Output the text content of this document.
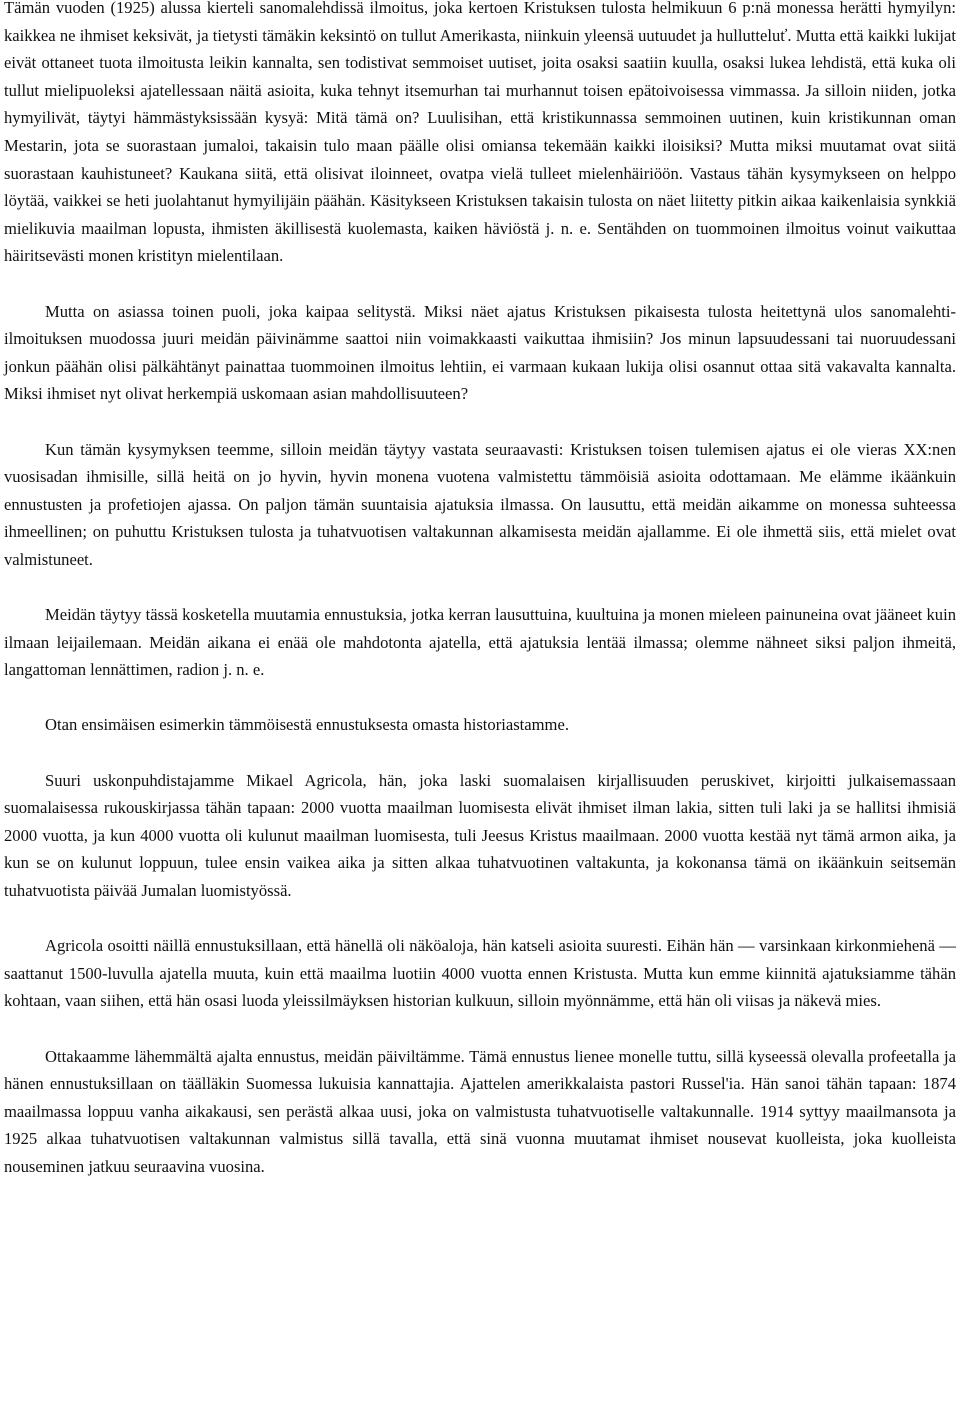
Tämän vuoden (1925) alussa kierteli sanomalehdissä ilmoitus, joka kertoen Kristuksen tulosta helmikuun 6 p:nä monessa herätti hymyilyn: kaikkea ne ihmiset keksivät, ja tietysti tämäkin keksintö on tullut Amerikasta, niinkuin yleensä uutuudet ja hullutteluť. Mutta että kaikki lukijat eivät ottaneet tuota ilmoitusta leikin kannalta, sen todistivat semmoiset uutiset, joita osaksi saatiin kuulla, osaksi lukea lehdistä, että kuka oli tullut mielipuoleksi ajatellessaan näitä asioita, kuka tehnyt itsemurhan tai murhannut toisen epätoivoisessa vimmassa. Ja silloin niiden, jotka hymyilivät, täytyi hämmästyksissään kysyä: Mitä tämä on? Luulisihan, että kristikunnassa semmoinen uutinen, kuin kristikunnan oman Mestarin, jota se suorastaan jumaloi, takaisin tulo maan päälle olisi omiansa tekemään kaikki iloisiksi? Mutta miksi muutamat ovat siitä suorastaan kauhistuneet? Kaukana siitä, että olisivat iloinneet, ovatpa vielä tulleet mielenhäiriöön. Vastaus tähän kysymykseen on helppo löytää, vaikkei se heti juolahtanut hymyilijäin päähän. Käsitykseen Kristuksen takaisin tulosta on näet liitetty pitkin aikaa kaikenlaisia synkkiä mielikuvia maailman lopusta, ihmisten äkillisestä kuolemasta, kaiken häviöstä j. n. e. Sentähden on tuommoinen ilmoitus voinut vaikuttaa häiritsevästi monen kristityn mielentilaan.

Mutta on asiassa toinen puoli, joka kaipaa selitystä. Miksi näet ajatus Kristuksen pikaisesta tulosta heitettynä ulos sanomalehti-ilmoituksen muodossa juuri meidän päivinämme saattoi niin voimakkaasti vaikuttaa ihmisiin? Jos minun lapsuudessani tai nuoruudessani jonkun päähän olisi pälkähtänyt painattaa tuommoinen ilmoitus lehtiin, ei varmaan kukaan lukija olisi osannut ottaa sitä vakavalta kannalta. Miksi ihmiset nyt olivat herkempiä uskomaan asian mahdollisuuteen?

Kun tämän kysymyksen teemme, silloin meidän täytyy vastata seuraavasti: Kristuksen toisen tulemisen ajatus ei ole vieras XX:nen vuosisadan ihmisille, sillä heitä on jo hyvin, hyvin monena vuotena valmistettu tämmöisiä asioita odottamaan. Me elämme ikäänkuin ennustusten ja profetiojen ajassa. On paljon tämän suuntaisia ajatuksia ilmassa. On lausuttu, että meidän aikamme on monessa suhteessa ihmeellinen; on puhuttu Kristuksen tulosta ja tuhatvuotisen valtakunnan alkamisesta meidän ajallamme. Ei ole ihmettä siis, että mielet ovat valmistuneet.

Meidän täytyy tässä kosketella muutamia ennustuksia, jotka kerran lausuttuina, kuultuina ja monen mieleen painuneina ovat jääneet kuin ilmaan leijailemaan. Meidän aikana ei enää ole mahdotonta ajatella, että ajatuksia lentää ilmassa; olemme nähneet siksi paljon ihmeitä, langattoman lennättimen, radion j. n. e.

Otan ensimäisen esimerkin tämmöisestä ennustuksesta omasta historiastamme.

Suuri uskonpuhdistajamme Mikael Agricola, hän, joka laski suomalaisen kirjallisuuden peruskivet, kirjoitti julkaisemassaan suomalaisessa rukouskirjassa tähän tapaan: 2000 vuotta maailman luomisesta elivät ihmiset ilman lakia, sitten tuli laki ja se hallitsi ihmisiä 2000 vuotta, ja kun 4000 vuotta oli kulunut maailman luomisesta, tuli Jeesus Kristus maailmaan. 2000 vuotta kestää nyt tämä armon aika, ja kun se on kulunut loppuun, tulee ensin vaikea aika ja sitten alkaa tuhatvuotinen valtakunta, ja kokonansa tämä on ikäänkuin seitsemän tuhatvuotista päivää Jumalan luomistyössä.

Agricola osoitti näillä ennustuksillaan, että hänellä oli näköaloja, hän katseli asioita suuresti. Eihän hän — varsinkaan kirkonmiehenä — saattanut 1500-luvulla ajatella muuta, kuin että maailma luotiin 4000 vuotta ennen Kristusta. Mutta kun emme kiinnitä ajatuksiamme tähän kohtaan, vaan siihen, että hän osasi luoda yleissilmäyksen historian kulkuun, silloin myönnämme, että hän oli viisas ja näkevä mies.

Ottakaamme lähemmältä ajalta ennustus, meidän päiviltämme. Tämä ennustus lienee monelle tuttu, sillä kyseessä olevalla profeetalla ja hänen ennustuksillaan on täälläkin Suomessa lukuisia kannattajia. Ajattelen amerikkalaista pastori Russel'ia. Hän sanoi tähän tapaan: 1874 maailmassa loppuu vanha aikakausi, sen perästä alkaa uusi, joka on valmistusta tuhatvuotiselle valtakunnalle. 1914 syttyy maailmansota ja 1925 alkaa tuhatvuotisen valtakunnan valmistus sillä tavalla, että sinä vuonna muutamat ihmiset nousevat kuolleista, joka kuolleista nouseminen jatkuu seuraavina vuosina.
